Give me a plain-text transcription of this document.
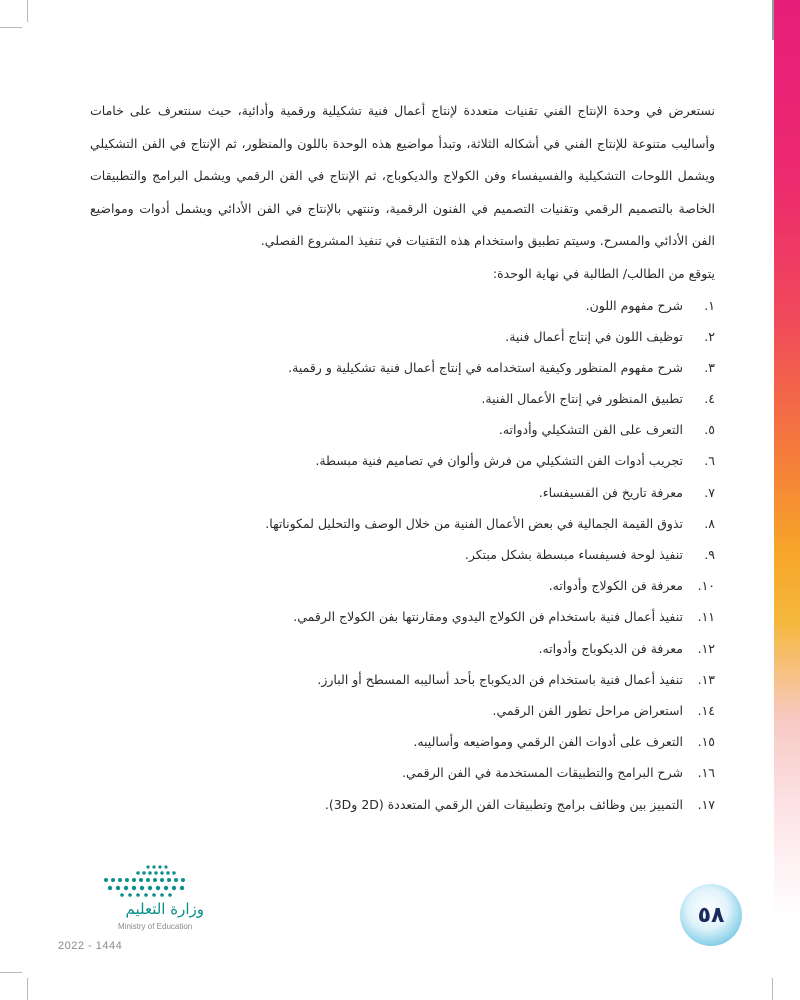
نستعرض في وحدة الإنتاج الفني تقنيات متعددة لإنتاج أعمال فنية تشكيلية ورقمية وأدائية، حيث سنتعرف على خامات وأساليب متنوعة للإنتاج الفني في أشكاله الثلاثة، وتبدأ مواضيع هذه الوحدة باللون والمنظور، ثم الإنتاج في الفن التشكيلي ويشمل اللوحات التشكيلية والفسيفساء وفن الكولاج والديكوباج، ثم الإنتاج في الفن الرقمي ويشمل البرامج والتطبيقات الخاصة بالتصميم الرقمي وتقنيات التصميم في الفنون الرقمية، وتنتهي بالإنتاج في الفن الأدائي ويشمل أدوات ومواضيع الفن الأدائي والمسرح. وسيتم تطبيق واستخدام هذه التقنيات في تنفيذ المشروع الفصلي.

يتوقع من الطالب/ الطالبة في نهاية الوحدة:

١.شرح مفهوم اللون.
٢.توظيف اللون في إنتاج أعمال فنية.
٣.شرح مفهوم المنظور وكيفية استخدامه في إنتاج أعمال فنية تشكيلية و رقمية.
٤.تطبيق المنظور في إنتاج الأعمال الفنية.
٥.التعرف على الفن التشكيلي وأدواته.
٦.تجريب أدوات الفن التشكيلي من فرش وألوان في تصاميم فنية مبسطة.
٧.معرفة تاريخ فن الفسيفساء.
٨.تذوق القيمة الجمالية في بعض الأعمال الفنية من خلال الوصف والتحليل لمكوناتها.
٩.تنفيذ لوحة فسيفساء مبسطة بشكل مبتكر.
١٠.معرفة فن الكولاج وأدواته.
١١.تنفيذ أعمال فنية باستخدام فن الكولاج اليدوي ومقارنتها بفن الكولاج الرقمي.
١٢.معرفة فن الديكوباج وأدواته.
١٣.تنفيذ أعمال فنية باستخدام فن الديكوباج بأحد أساليبه المسطح أو البارز.
١٤.استعراض مراحل تطور الفن الرقمي.
١٥.التعرف على أدوات الفن الرقمي ومواضيعه وأساليبه.
١٦.شرح البرامج والتطبيقات المستخدمة في الفن الرقمي.
١٧.التمييز بين وظائف برامج وتطبيقات الفن الرقمي المتعددة (2D و3D).
٥٨
وزارة التعليم
Ministry of Education
2022 - 1444
